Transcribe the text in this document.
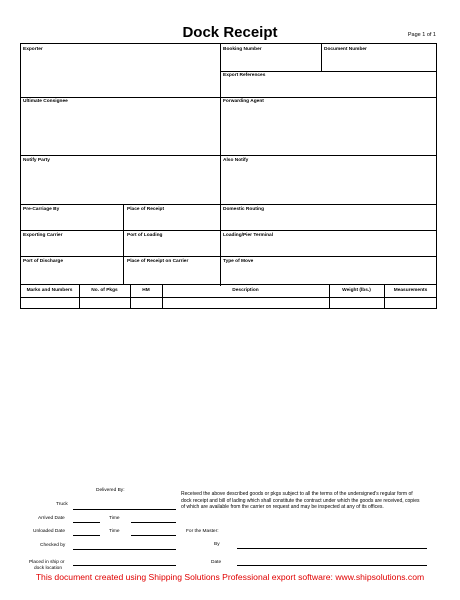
Dock Receipt	Page 1 of 1
Exporter	Booking Number	Document Number
Export References
Ultimate Consignee	Forwarding Agent
Notify Party	Also Notify
Pre-Carriage By	Place of Receipt	Domestic Routing
Exporting Carrier	Port of Loading	Loading/Pier Terminal
Port of Discharge	Place of Receipt on Carrier	Type of Move
Marks and Numbers	No. of Pkgs	HM	Description	Weight (lbs.)	Measurements
Delivered By:
Truck
Arrived Date	Time
Unloaded Date	Time
Checked by
Placed in ship or
dock location
Received the above described goods or pkgs subject to all the terms of the undersigned's regular form of
dock receipt and bill of lading which shall constitute the contract under which the goods are received, copies
of which are available from the carrier on request and may be inspected at any of its offices.
For the Master:
By
Date
This document created using Shipping Solutions Professional export software: www.shipsolutions.com
